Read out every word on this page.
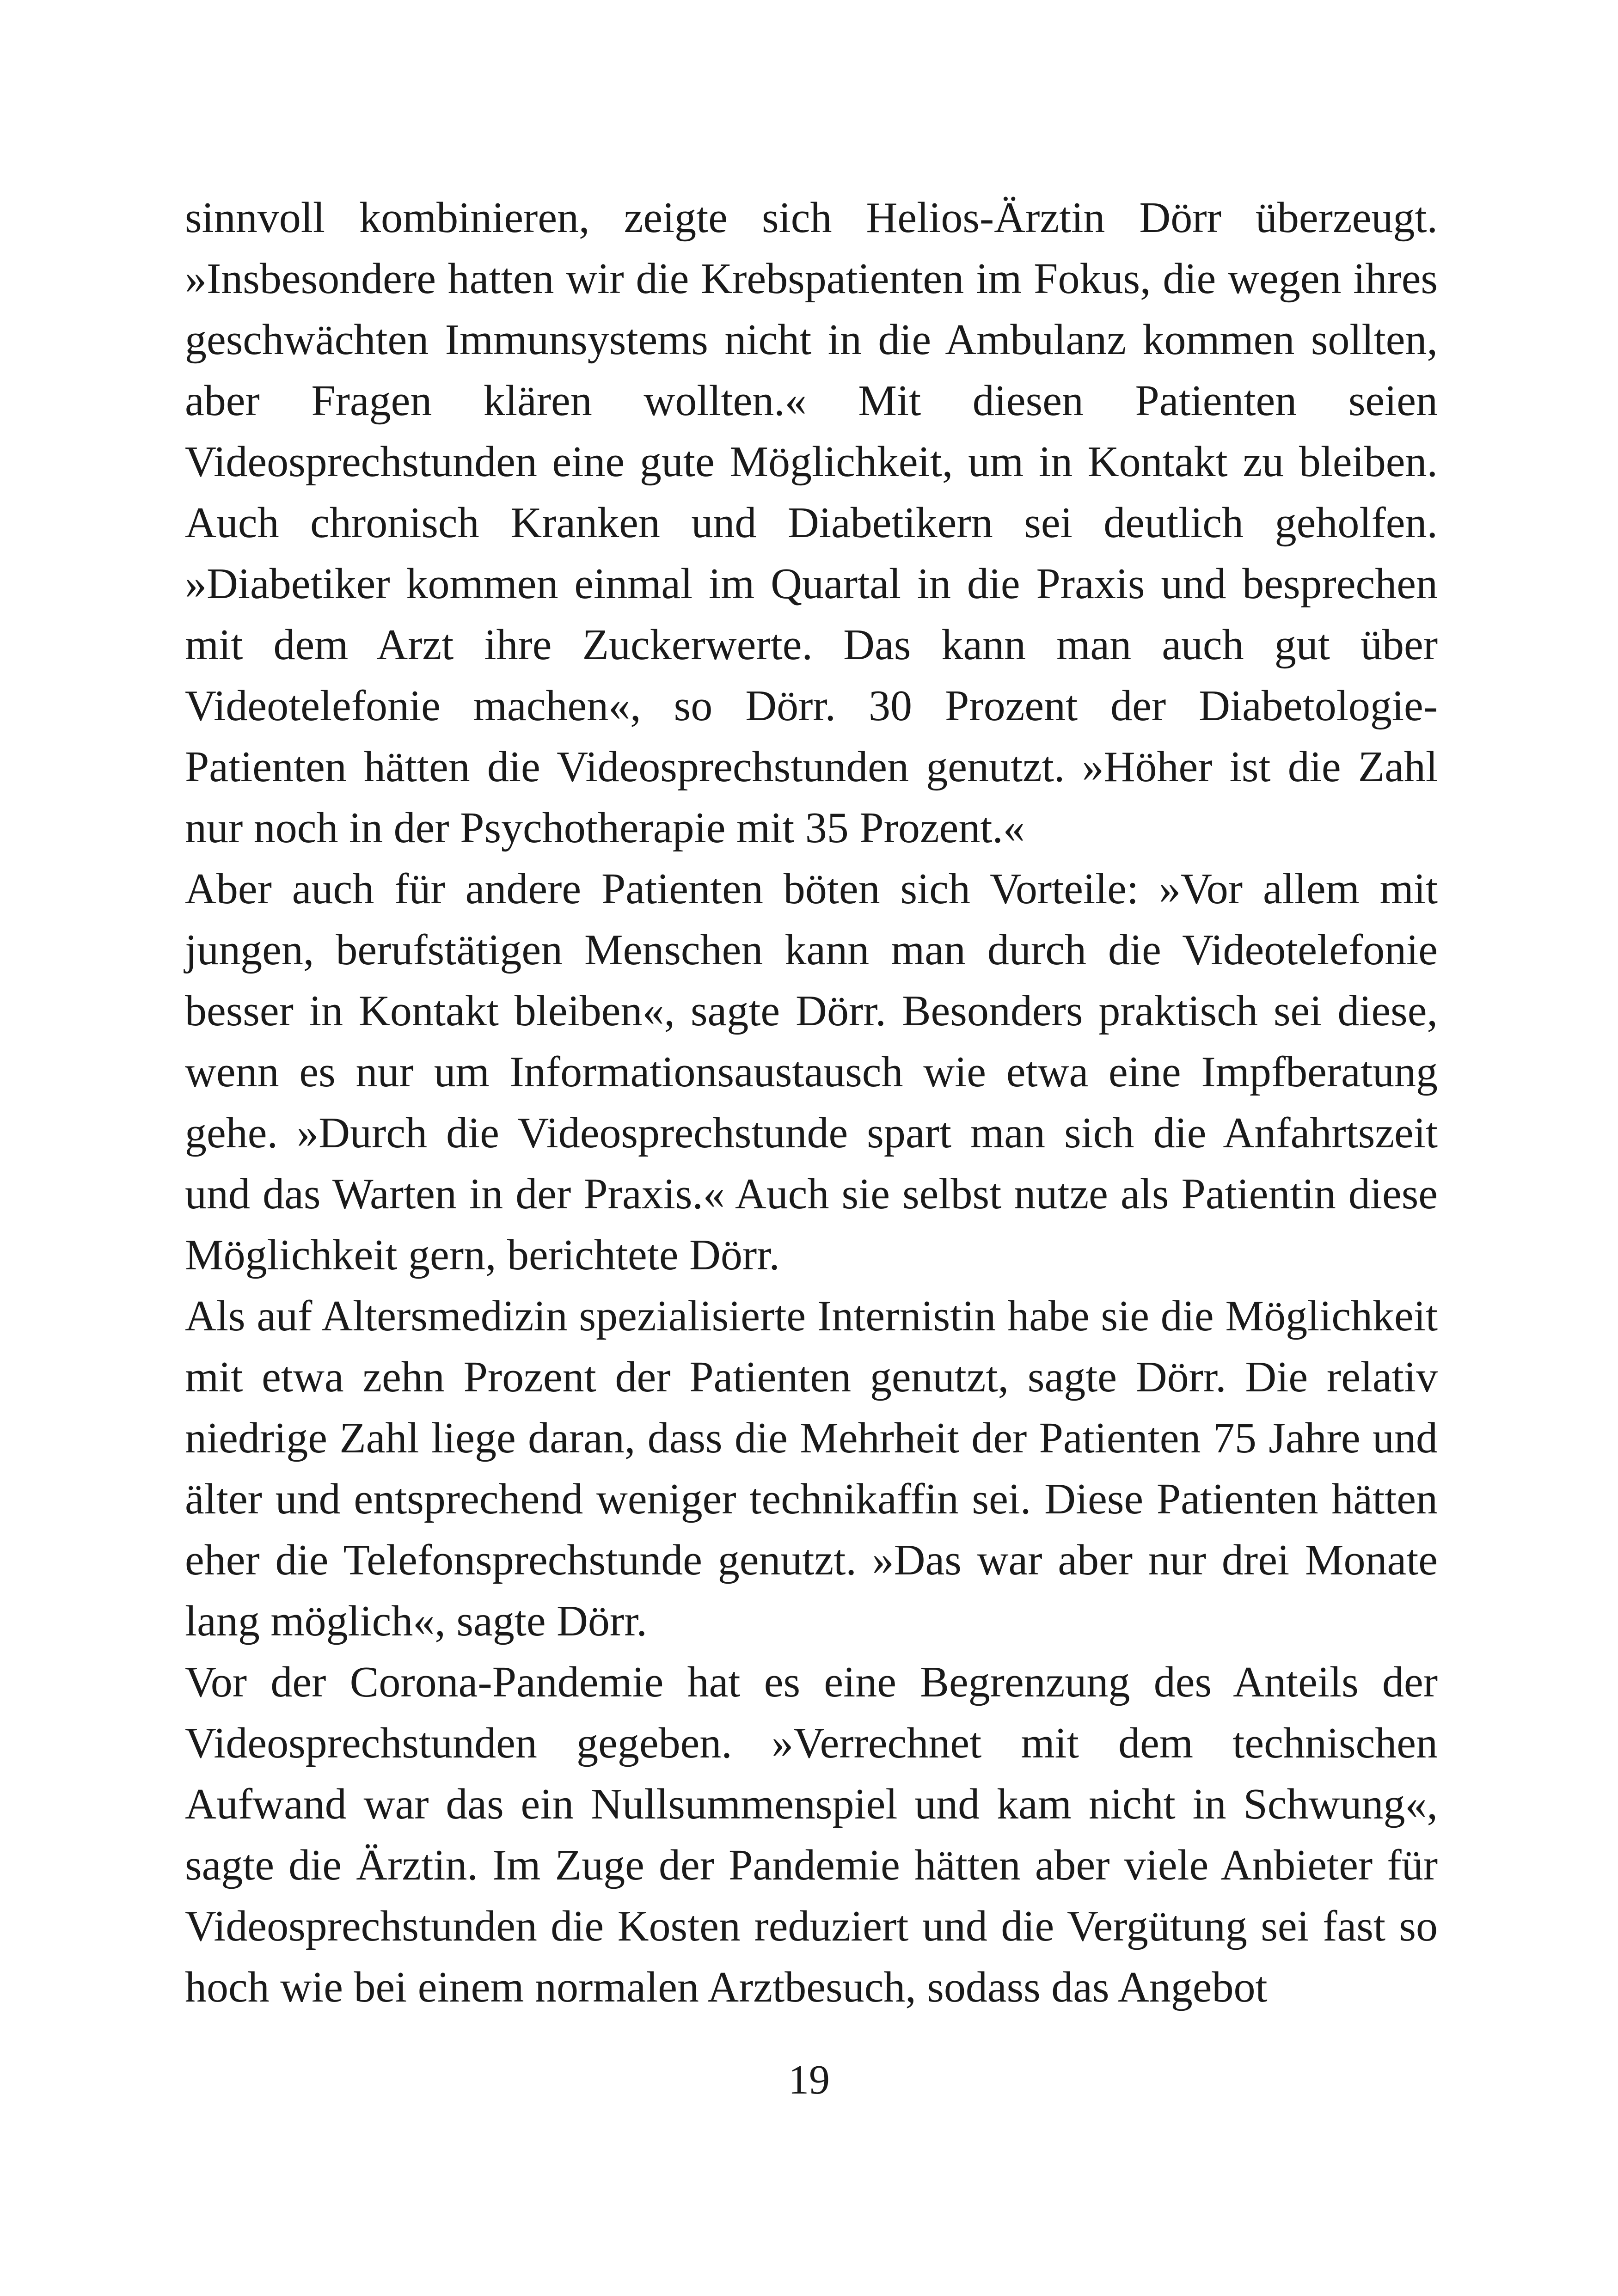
sinnvoll kombinieren, zeigte sich Helios-Ärztin Dörr überzeugt. »Insbesondere hatten wir die Krebspatienten im Fokus, die wegen ihres geschwächten Immunsystems nicht in die Ambulanz kommen sollten, aber Fragen klären wollten.« Mit diesen Patienten seien Videosprechstunden eine gute Möglichkeit, um in Kontakt zu bleiben. Auch chronisch Kranken und Diabetikern sei deutlich geholfen. »Diabetiker kommen einmal im Quartal in die Praxis und besprechen mit dem Arzt ihre Zuckerwerte. Das kann man auch gut über Videotelefonie machen«, so Dörr. 30 Prozent der Diabetologie-Patienten hätten die Videosprechstunden genutzt. »Höher ist die Zahl nur noch in der Psychotherapie mit 35 Prozent.«

Aber auch für andere Patienten böten sich Vorteile: »Vor allem mit jungen, berufstätigen Menschen kann man durch die Videotelefonie besser in Kontakt bleiben«, sagte Dörr. Besonders praktisch sei diese, wenn es nur um Informationsaustausch wie etwa eine Impfberatung gehe. »Durch die Videosprechstunde spart man sich die Anfahrtszeit und das Warten in der Praxis.« Auch sie selbst nutze als Patientin diese Möglichkeit gern, berichtete Dörr.

Als auf Altersmedizin spezialisierte Internistin habe sie die Möglichkeit mit etwa zehn Prozent der Patienten genutzt, sagte Dörr. Die relativ niedrige Zahl liege daran, dass die Mehrheit der Patienten 75 Jahre und älter und entsprechend weniger technikaffin sei. Diese Patienten hätten eher die Telefonsprechstunde genutzt. »Das war aber nur drei Monate lang möglich«, sagte Dörr.

Vor der Corona-Pandemie hat es eine Begrenzung des Anteils der Videosprechstunden gegeben. »Verrechnet mit dem technischen Aufwand war das ein Nullsummenspiel und kam nicht in Schwung«, sagte die Ärztin. Im Zuge der Pandemie hätten aber viele Anbieter für Videosprechstunden die Kosten reduziert und die Vergütung sei fast so hoch wie bei einem normalen Arztbesuch, sodass das Angebot

19
